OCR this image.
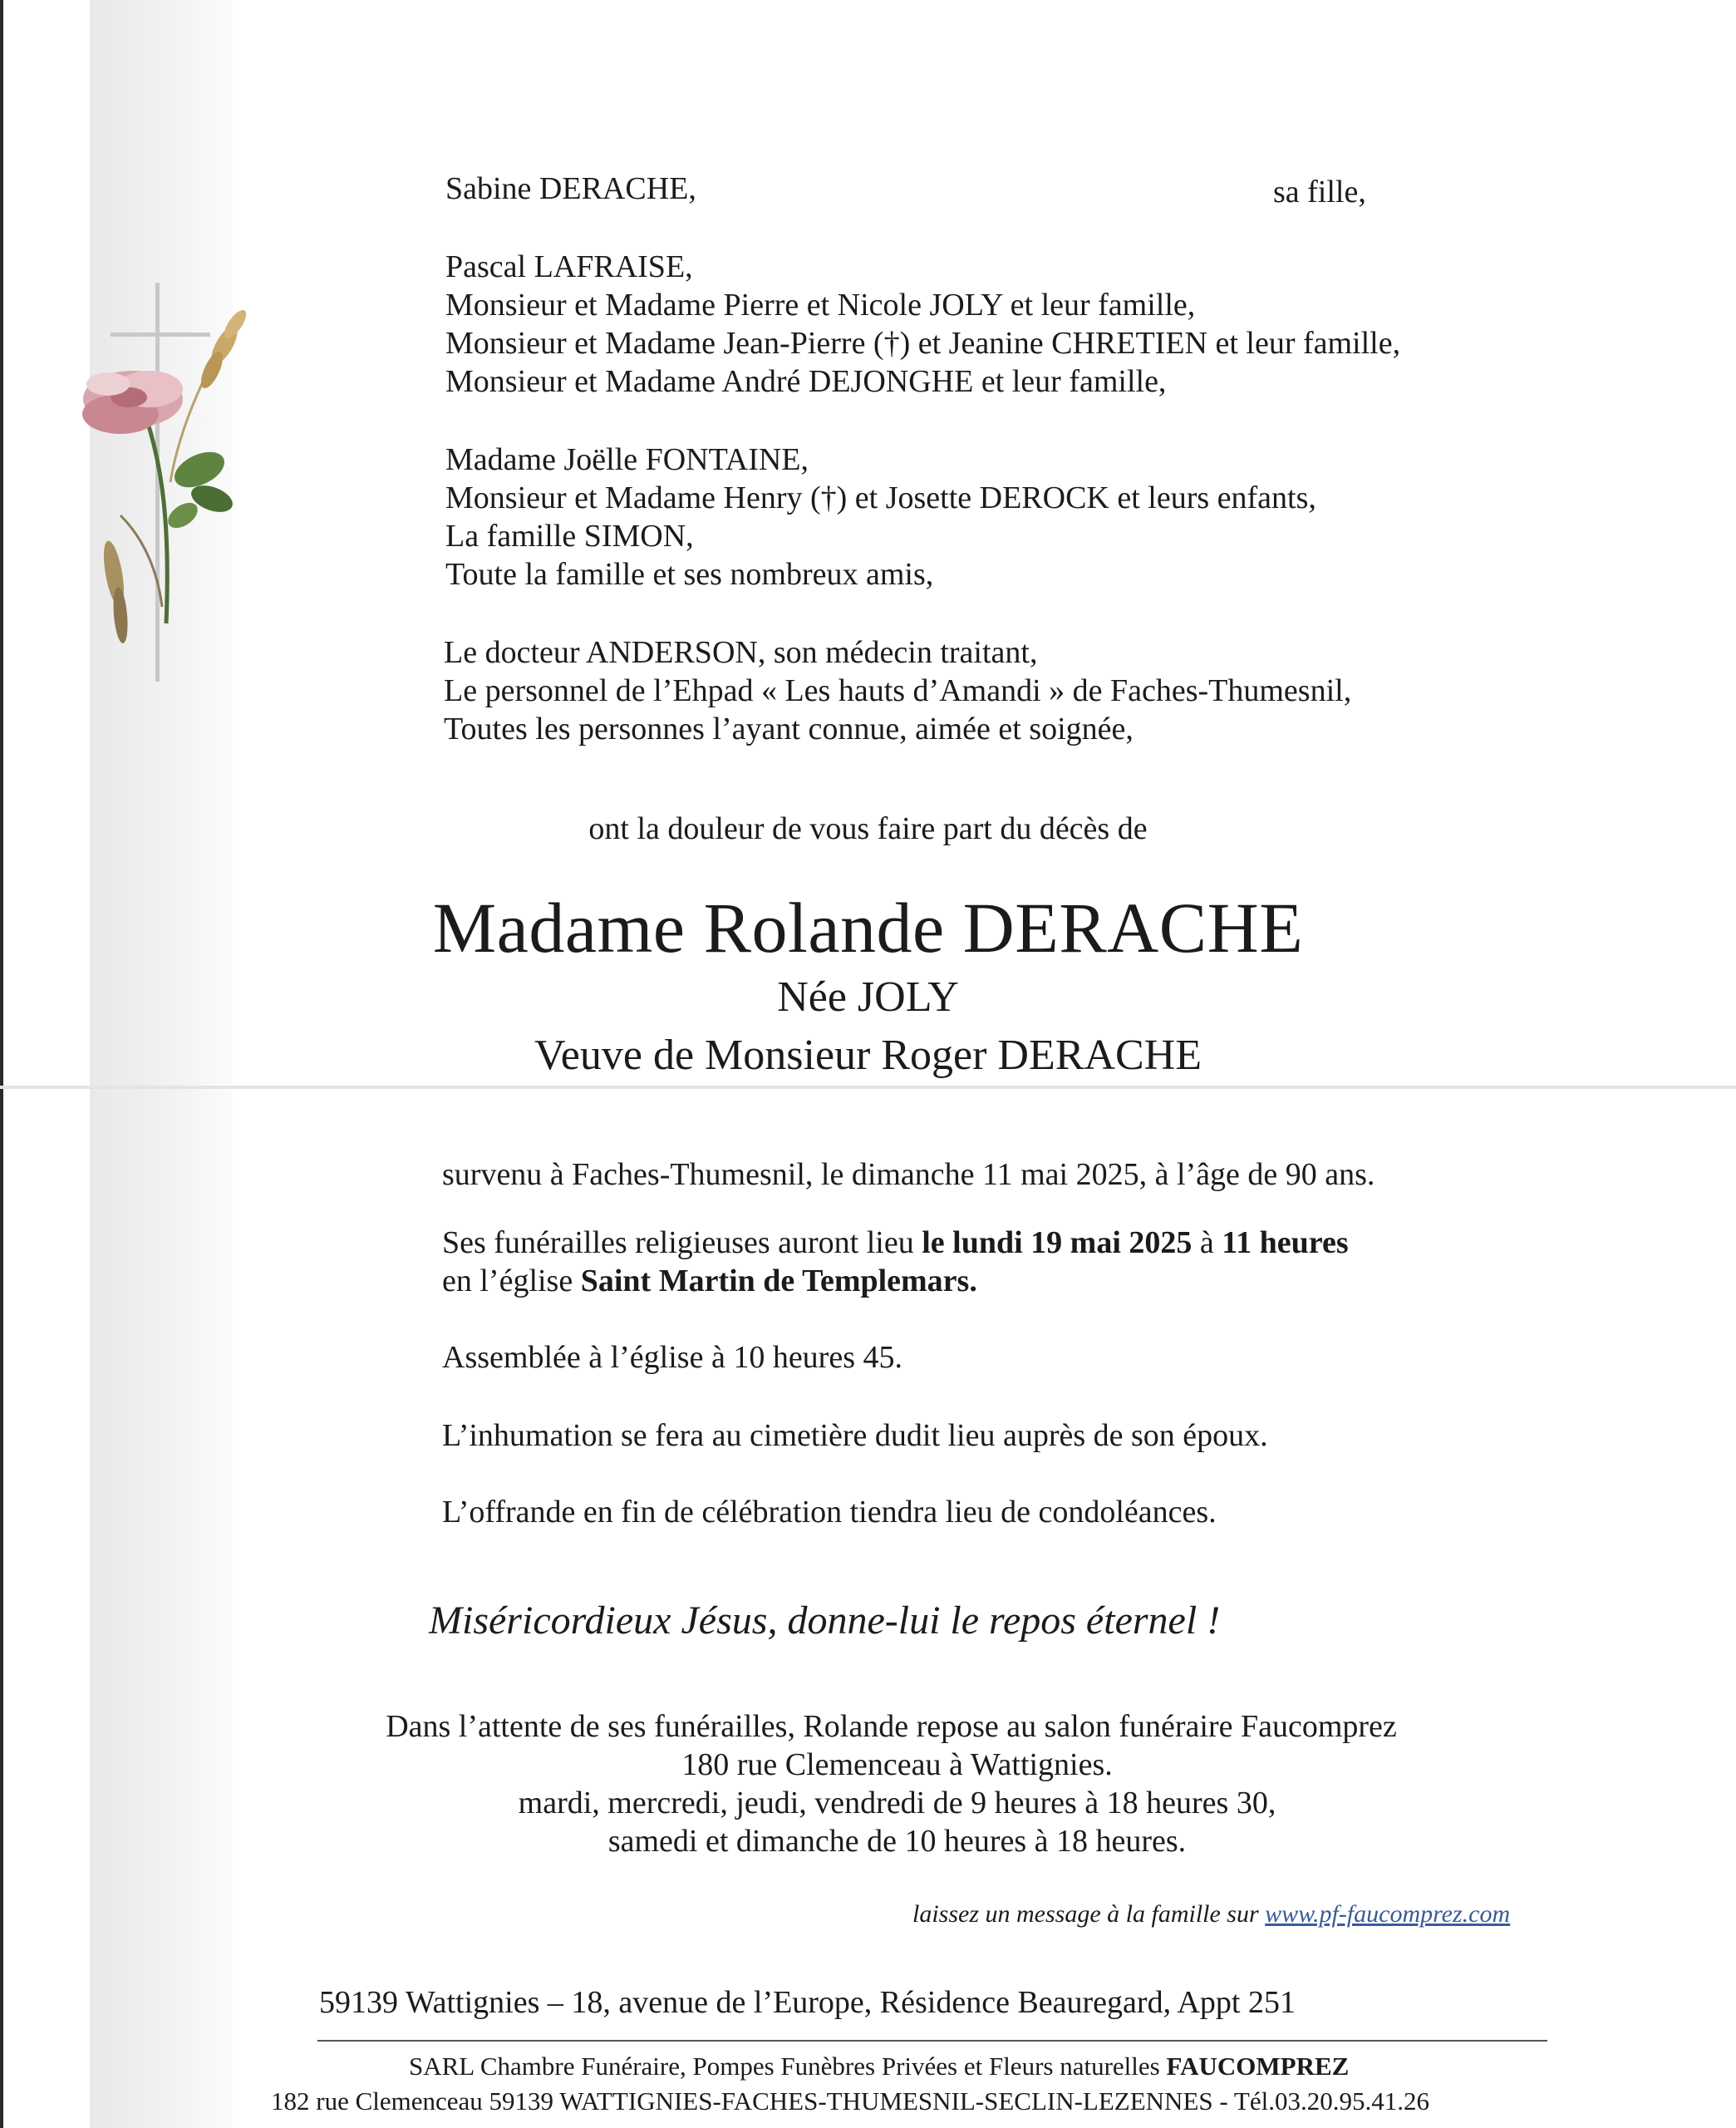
Sabine DERACHE,	sa fille,
Pascal LAFRAISE,
Monsieur et Madame Pierre et Nicole JOLY et leur famille,
Monsieur et Madame Jean-Pierre (†) et Jeanine CHRETIEN et leur famille,
Monsieur et Madame André DEJONGHE et leur famille,
Madame Joëlle FONTAINE,
Monsieur et Madame Henry (†) et Josette DEROCK et leurs enfants,
La famille SIMON,
Toute la famille et ses nombreux amis,
Le docteur ANDERSON, son médecin traitant,
Le personnel de l’Ehpad « Les hauts d’Amandi » de Faches-Thumesnil,
Toutes les personnes l’ayant connue, aimée et soignée,
ont la douleur de vous faire part du décès de
Madame Rolande DERACHE
Née JOLY
Veuve de Monsieur Roger DERACHE
survenu à Faches-Thumesnil, le dimanche 11 mai 2025, à l’âge de 90 ans.
Ses funérailles religieuses auront lieu le lundi 19 mai 2025 à 11 heures
en l’église Saint Martin de Templemars.
Assemblée à l’église à 10 heures 45.
L’inhumation se fera au cimetière dudit lieu auprès de son époux.
L’offrande en fin de célébration tiendra lieu de condoléances.
Miséricordieux Jésus, donne-lui le repos éternel !
Dans l’attente de ses funérailles, Rolande repose au salon funéraire Faucomprez
180 rue Clemenceau à Wattignies.
mardi, mercredi, jeudi, vendredi de 9 heures à 18 heures 30,
samedi et dimanche de 10 heures à 18 heures.
laissez un message à la famille sur www.pf-faucomprez.com
59139 Wattignies – 18, avenue de l’Europe, Résidence Beauregard, Appt 251
SARL Chambre Funéraire, Pompes Funèbres Privées et Fleurs naturelles FAUCOMPREZ
182 rue Clemenceau 59139 WATTIGNIES-FACHES-THUMESNIL-SECLIN-LEZENNES - Tél.03.20.95.41.26
